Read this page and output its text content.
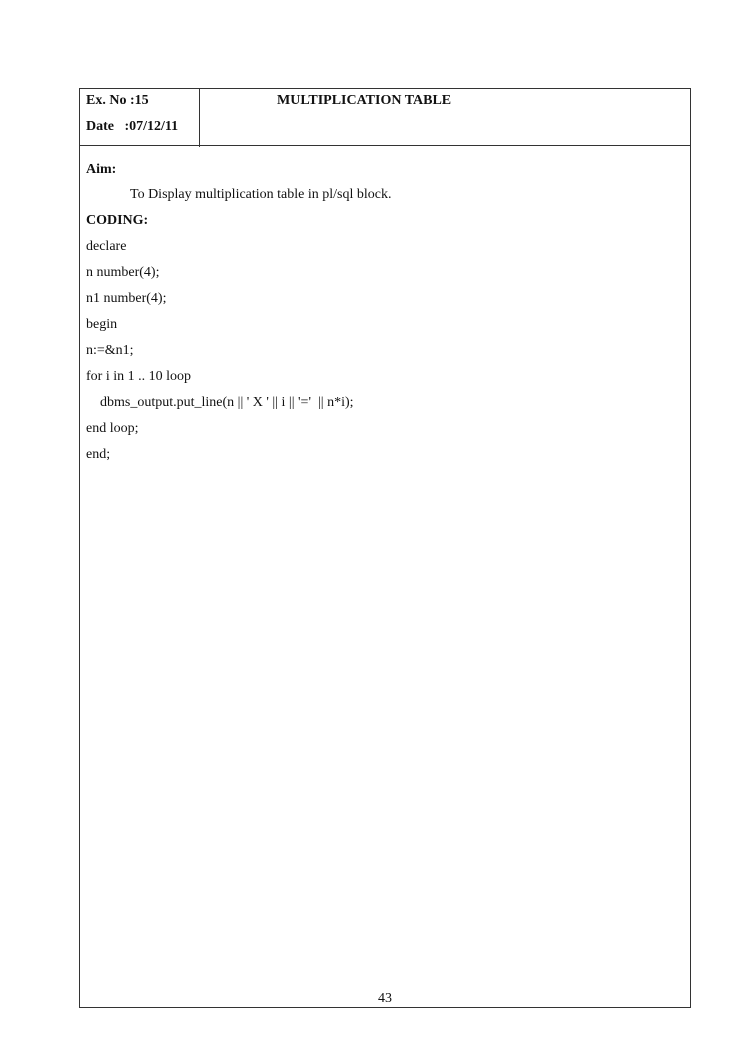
Ex. No :15
Date   :07/12/11
MULTIPLICATION TABLE
Aim:
To Display multiplication table in pl/sql block.
CODING:
declare
n number(4);
n1 number(4);
begin
n:=&n1;
for i in 1 .. 10 loop
dbms_output.put_line(n || ' X ' || i || '='  || n*i);
end loop;
end;
43
